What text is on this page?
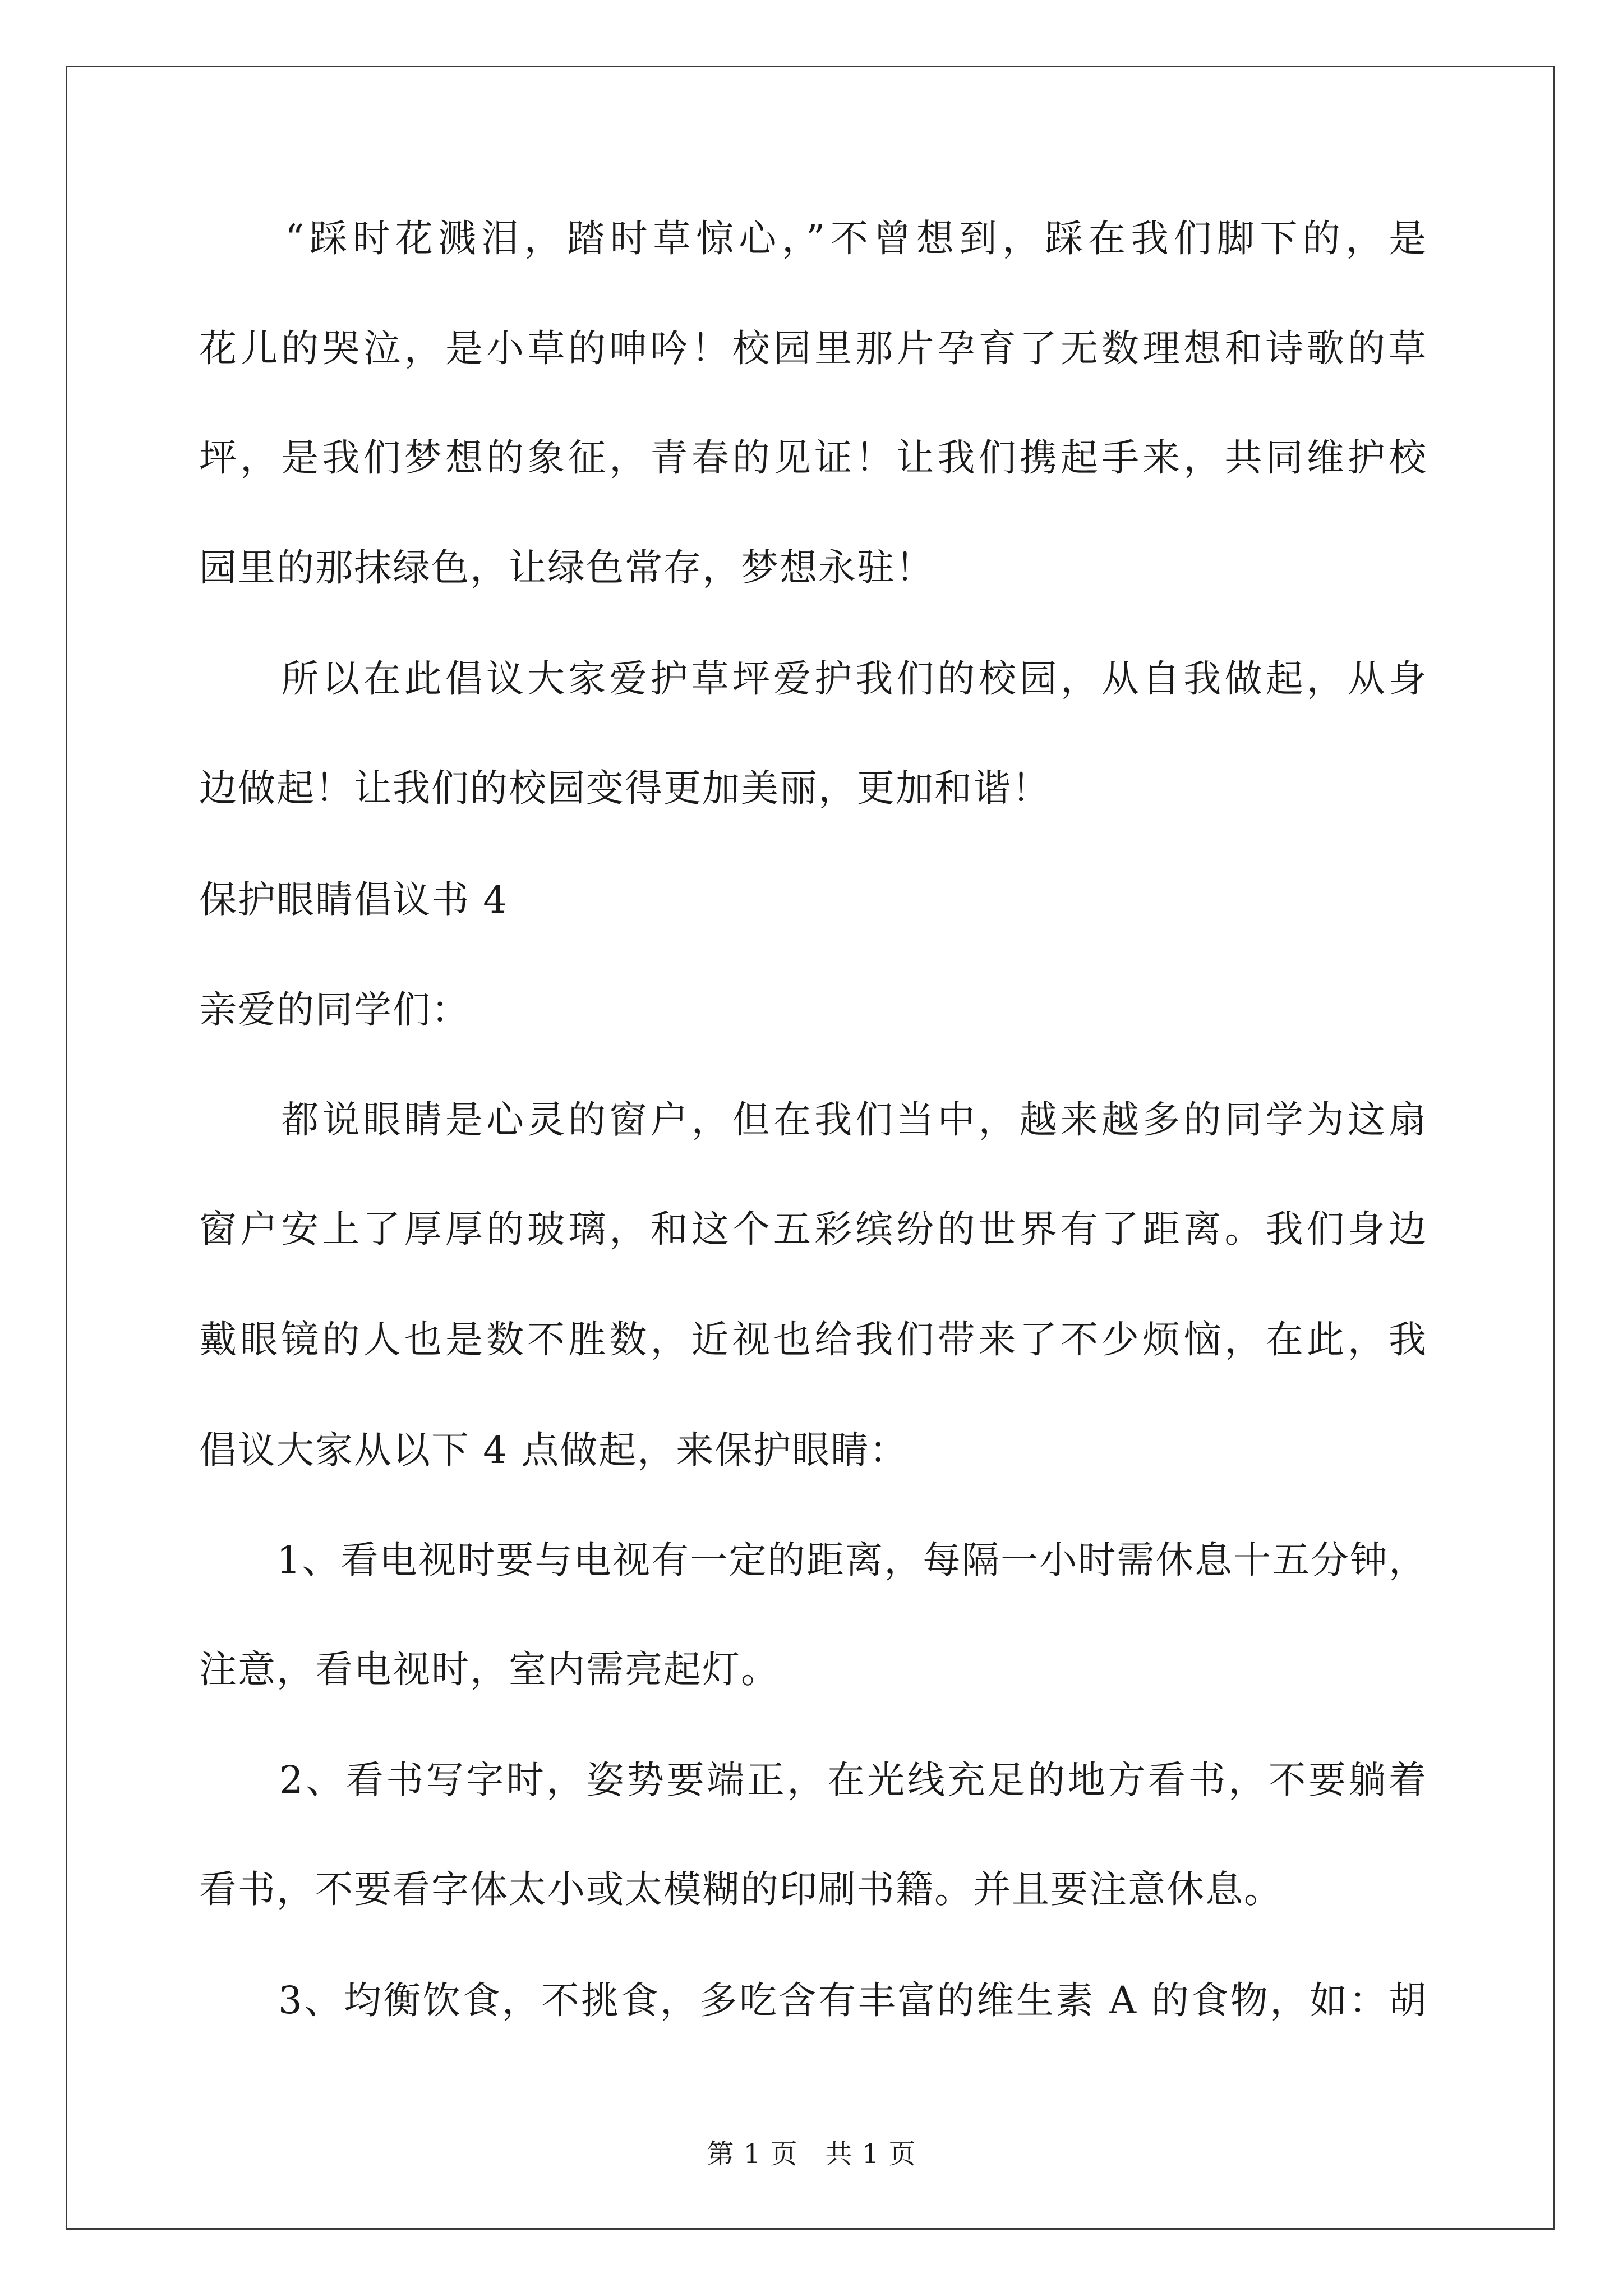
　　“踩时花溅泪，踏时草惊心，”不曾想到，踩在我们脚下的，是
花儿的哭泣，是小草的呻吟！校园里那片孕育了无数理想和诗歌的草
坪，是我们梦想的象征，青春的见证！让我们携起手来，共同维护校
园里的那抹绿色，让绿色常存，梦想永驻！
　　所以在此倡议大家爱护草坪爱护我们的校园，从自我做起，从身
边做起！让我们的校园变得更加美丽，更加和谐！
保护眼睛倡议书 4
亲爱的同学们：
　　都说眼睛是心灵的窗户，但在我们当中，越来越多的同学为这扇
窗户安上了厚厚的玻璃，和这个五彩缤纷的世界有了距离。我们身边
戴眼镜的人也是数不胜数，近视也给我们带来了不少烦恼，在此，我
倡议大家从以下 4 点做起，来保护眼睛：
　　1、看电视时要与电视有一定的距离，每隔一小时需休息十五分钟，
注意，看电视时，室内需亮起灯。
　　2、看书写字时，姿势要端正，在光线充足的地方看书，不要躺着
看书，不要看字体太小或太模糊的印刷书籍。并且要注意休息。
　　3、均衡饮食，不挑食，多吃含有丰富的维生素 A 的食物，如：胡
第 1 页　共 1 页
